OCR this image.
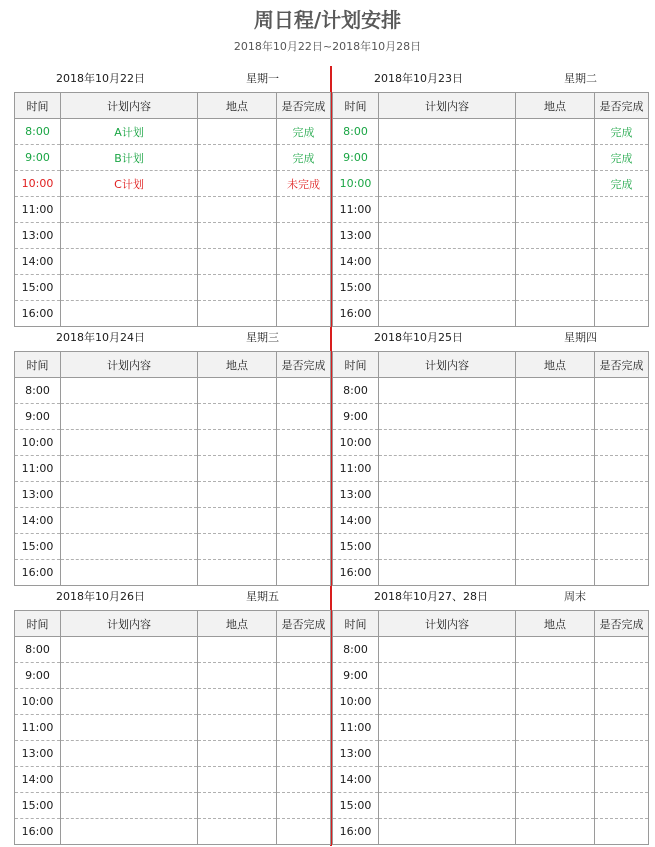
周日程/计划安排
2018年10月22日~2018年10月28日
2018年10月22日	星期一
时间	计划内容	地点	是否完成
8:00	A计划		完成
9:00	B计划		完成
10:00	C计划		未完成
11:00			
13:00			
14:00			
15:00			
16:00			
2018年10月23日	星期二
时间	计划内容	地点	是否完成
8:00			完成
9:00			完成
10:00			完成
11:00			
13:00			
14:00			
15:00			
16:00			
2018年10月24日	星期三
时间	计划内容	地点	是否完成
8:00			
9:00			
10:00			
11:00			
13:00			
14:00			
15:00			
16:00			
2018年10月25日	星期四
时间	计划内容	地点	是否完成
8:00			
9:00			
10:00			
11:00			
13:00			
14:00			
15:00			
16:00			
2018年10月26日	星期五
时间	计划内容	地点	是否完成
8:00			
9:00			
10:00			
11:00			
13:00			
14:00			
15:00			
16:00			
2018年10月27、28日	周末
时间	计划内容	地点	是否完成
8:00			
9:00			
10:00			
11:00			
13:00			
14:00			
15:00			
16:00			
